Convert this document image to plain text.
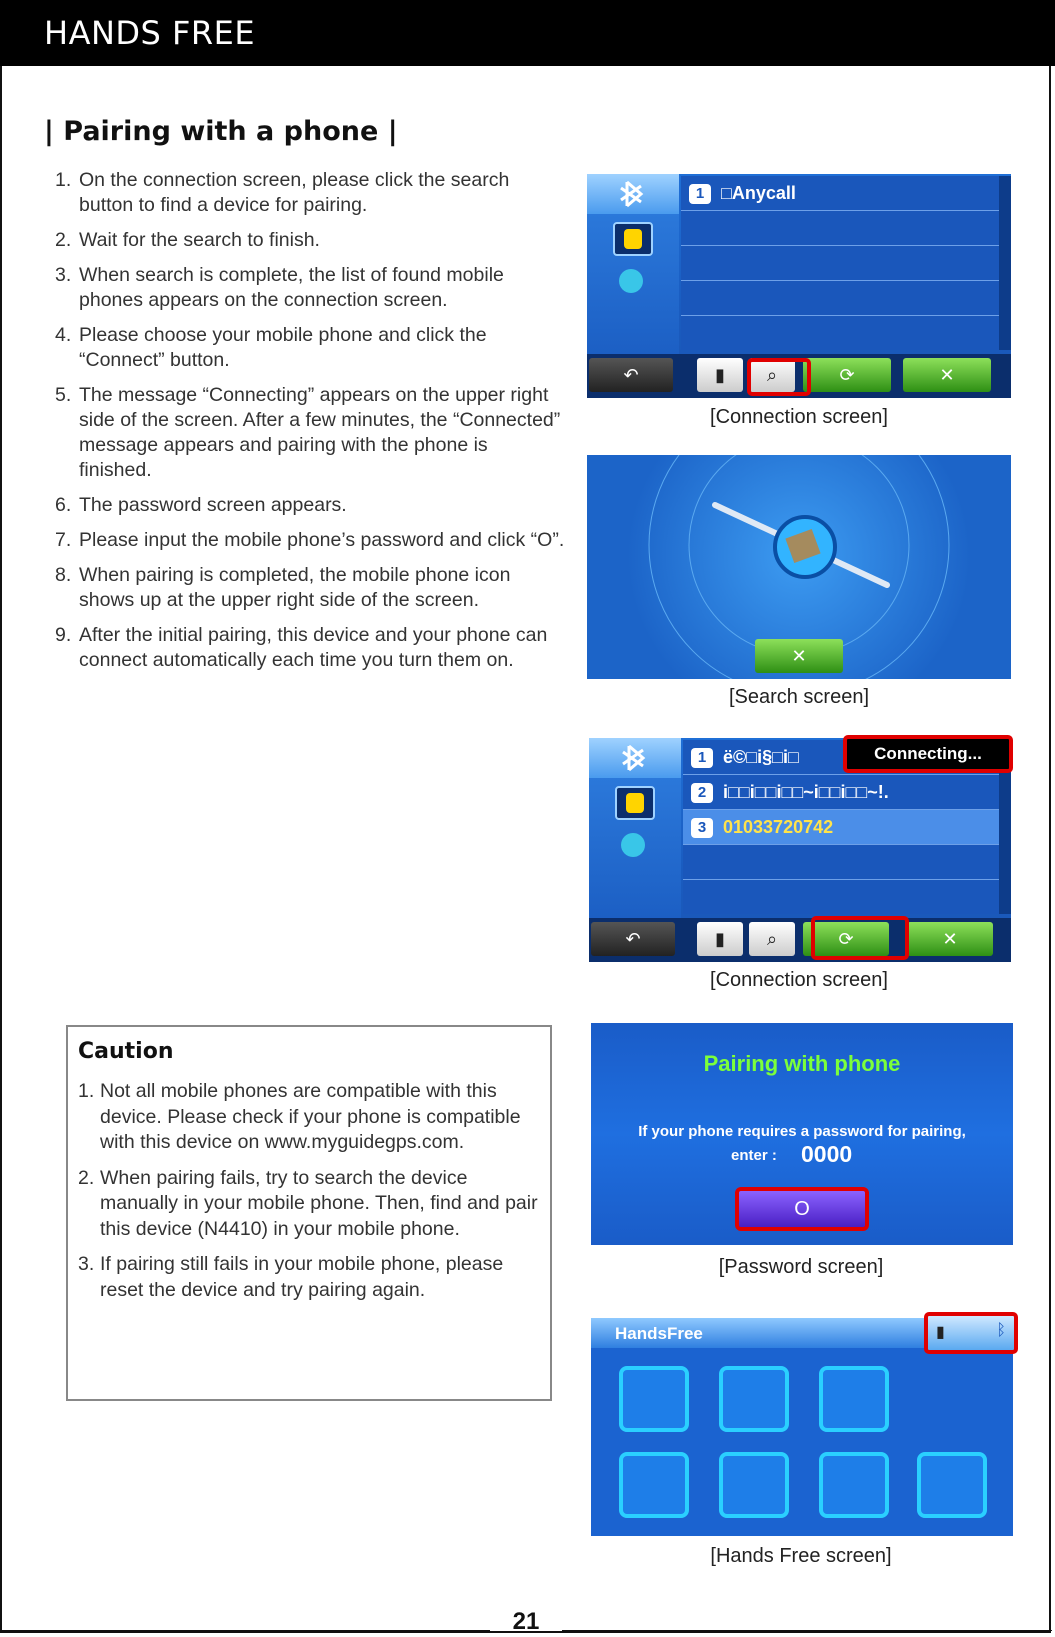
HANDS FREE
| Pairing with a phone |
1. On the connection screen, please click the search button to find a device for pairing.
2. Wait for the search to finish.
3. When search is complete, the list of found mobile phones appears on the connection screen.
4. Please choose your mobile phone and click the “Connect” button.
5. The message “Connecting” appears on the upper right side of the screen. After a few minutes, the “Connected” message appears and pairing with the phone is finished.
6. The password screen appears.
7. Please input the mobile phone’s password and click “O”.
8. When pairing is completed, the mobile phone icon shows up at the upper right side of the screen.
9. After the initial pairing, this device and your phone can connect automatically each time you turn them on.
Caution
1. Not all mobile phones are compatible with this device. Please check if your phone is compatible with this device on www.myguidegps.com.
2. When pairing fails, try to search the device manually in your mobile phone. Then, find and pair this device (N4410) in your mobile phone.
3. If pairing still fails in your mobile phone, please reset the device and try pairing again.
1 □Anycall
↶	▮	⌕	⟳	✕
[Connection screen]
✕
[Search screen]
1 ë©□i§□i□
2 i□□i□□i□□~i□□i□□~!.
3 01033720742
↶	▮	⌕	⟳	✕
Connecting...
[Connection screen]
Pairing with phone
If your phone requires a password for pairing,
enter : 0000
O
[Password screen]
HandsFree	▮	ᛒ
[Hands Free screen]
21
